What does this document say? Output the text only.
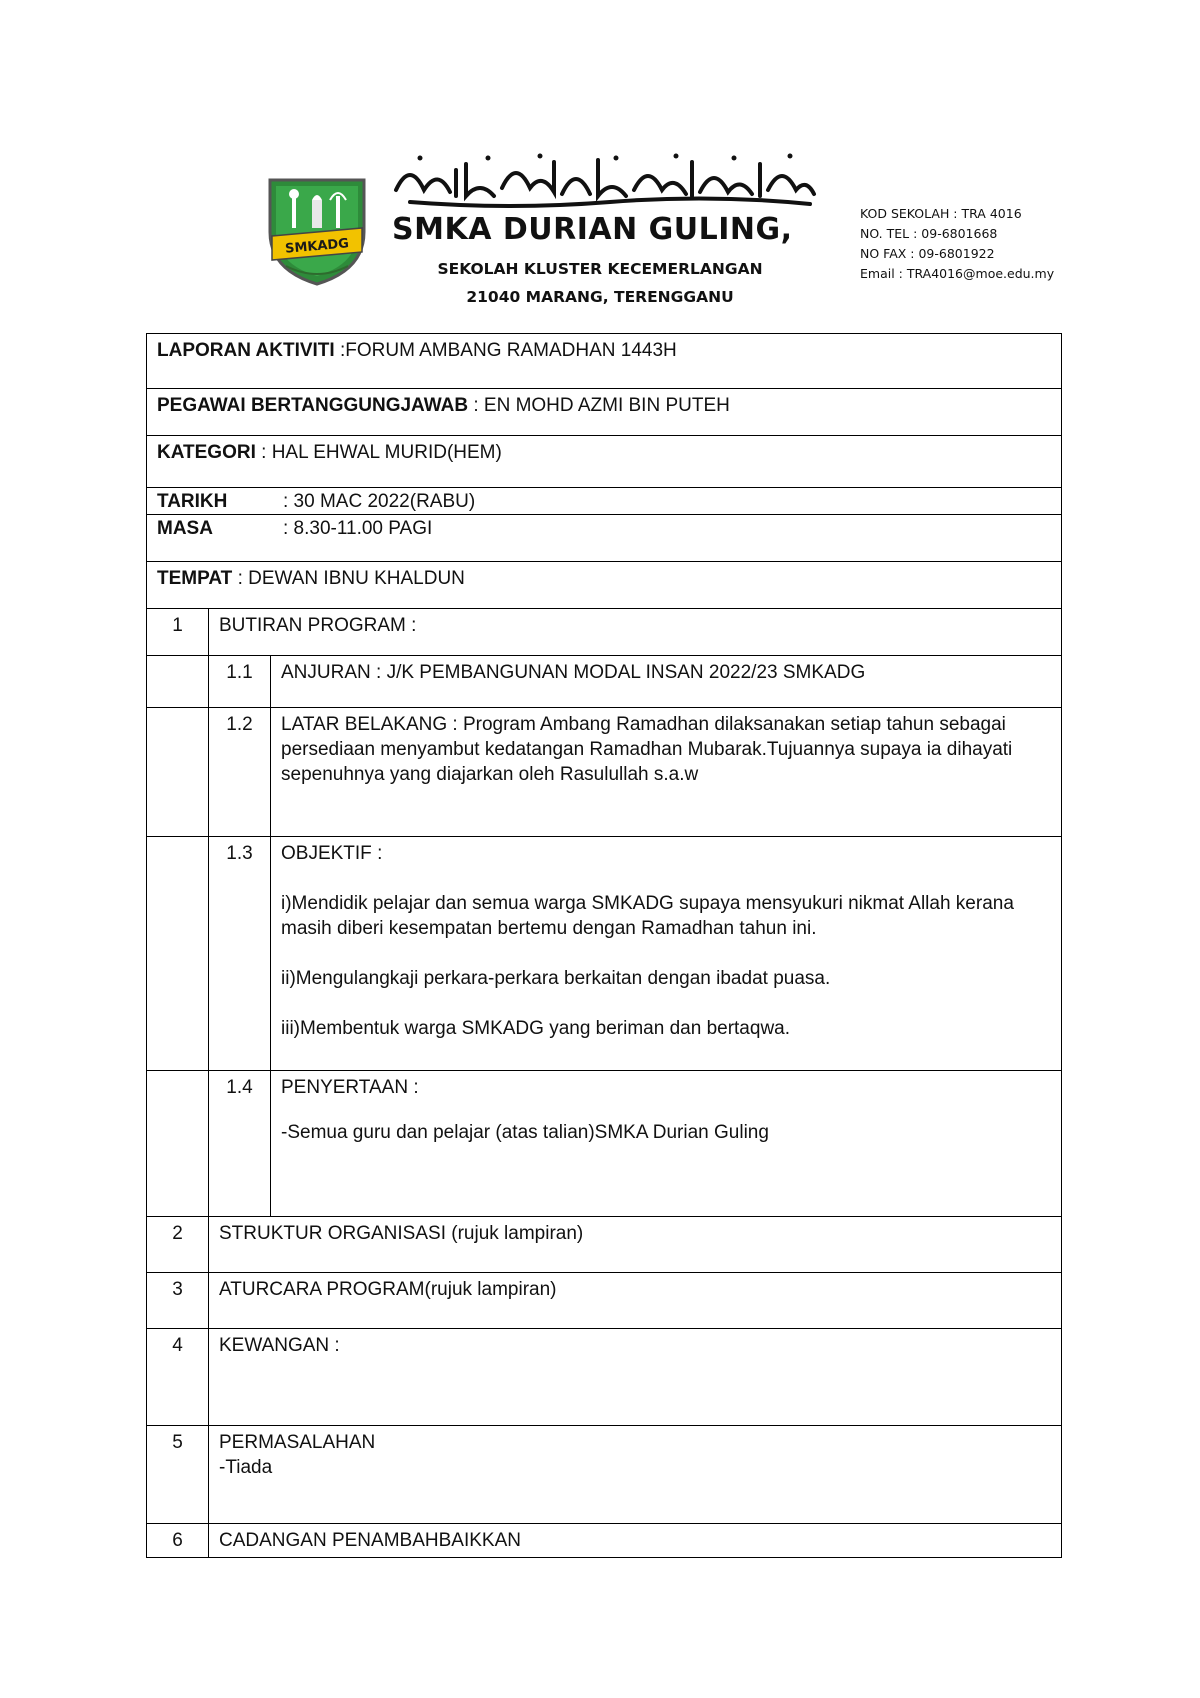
SMKADG SMKA DURIAN GULING,
SEKOLAH KLUSTER KECEMERLANGAN
21040 MARANG, TERENGGANU
KOD SEKOLAH : TRA 4016
NO. TEL : 09-6801668
NO FAX : 09-6801922
Email : TRA4016@moe.edu.my
LAPORAN AKTIVITI :FORUM AMBANG RAMADHAN 1443H		
PEGAWAI BERTANGGUNGJAWAB : EN MOHD AZMI BIN PUTEH		
KATEGORI : HAL EHWAL MURID(HEM)		
TARIKH : 30 MAC 2022(RABU)		
MASA : 8.30-11.00 PAGI		
TEMPAT : DEWAN IBNU KHALDUN		
1	BUTIRAN PROGRAM :	
	1.1	ANJURAN : J/K PEMBANGUNAN MODAL INSAN 2022/23 SMKADG
	1.2	LATAR BELAKANG : Program Ambang Ramadhan dilaksanakan setiap tahun sebagai persediaan menyambut kedatangan Ramadhan Mubarak.Tujuannya supaya ia dihayati sepenuhnya yang diajarkan oleh Rasulullah s.a.w
	1.3	OBJEKTIF :

i)Mendidik pelajar dan semua warga SMKADG supaya mensyukuri nikmat Allah kerana masih diberi kesempatan bertemu dengan Ramadhan tahun ini.

ii)Mengulangkaji perkara-perkara berkaitan dengan ibadat puasa.

iii)Membentuk warga SMKADG yang beriman dan bertaqwa.

	1.4	PENYERTAAN :

-Semua guru dan pelajar (atas talian)SMKA Durian Guling

2	STRUKTUR ORGANISASI (rujuk lampiran)	
3	ATURCARA PROGRAM(rujuk lampiran)	
4	KEWANGAN :	
5	PERMASALAHAN

-Tiada	

6	CADANGAN PENAMBAHBAIKKAN	
